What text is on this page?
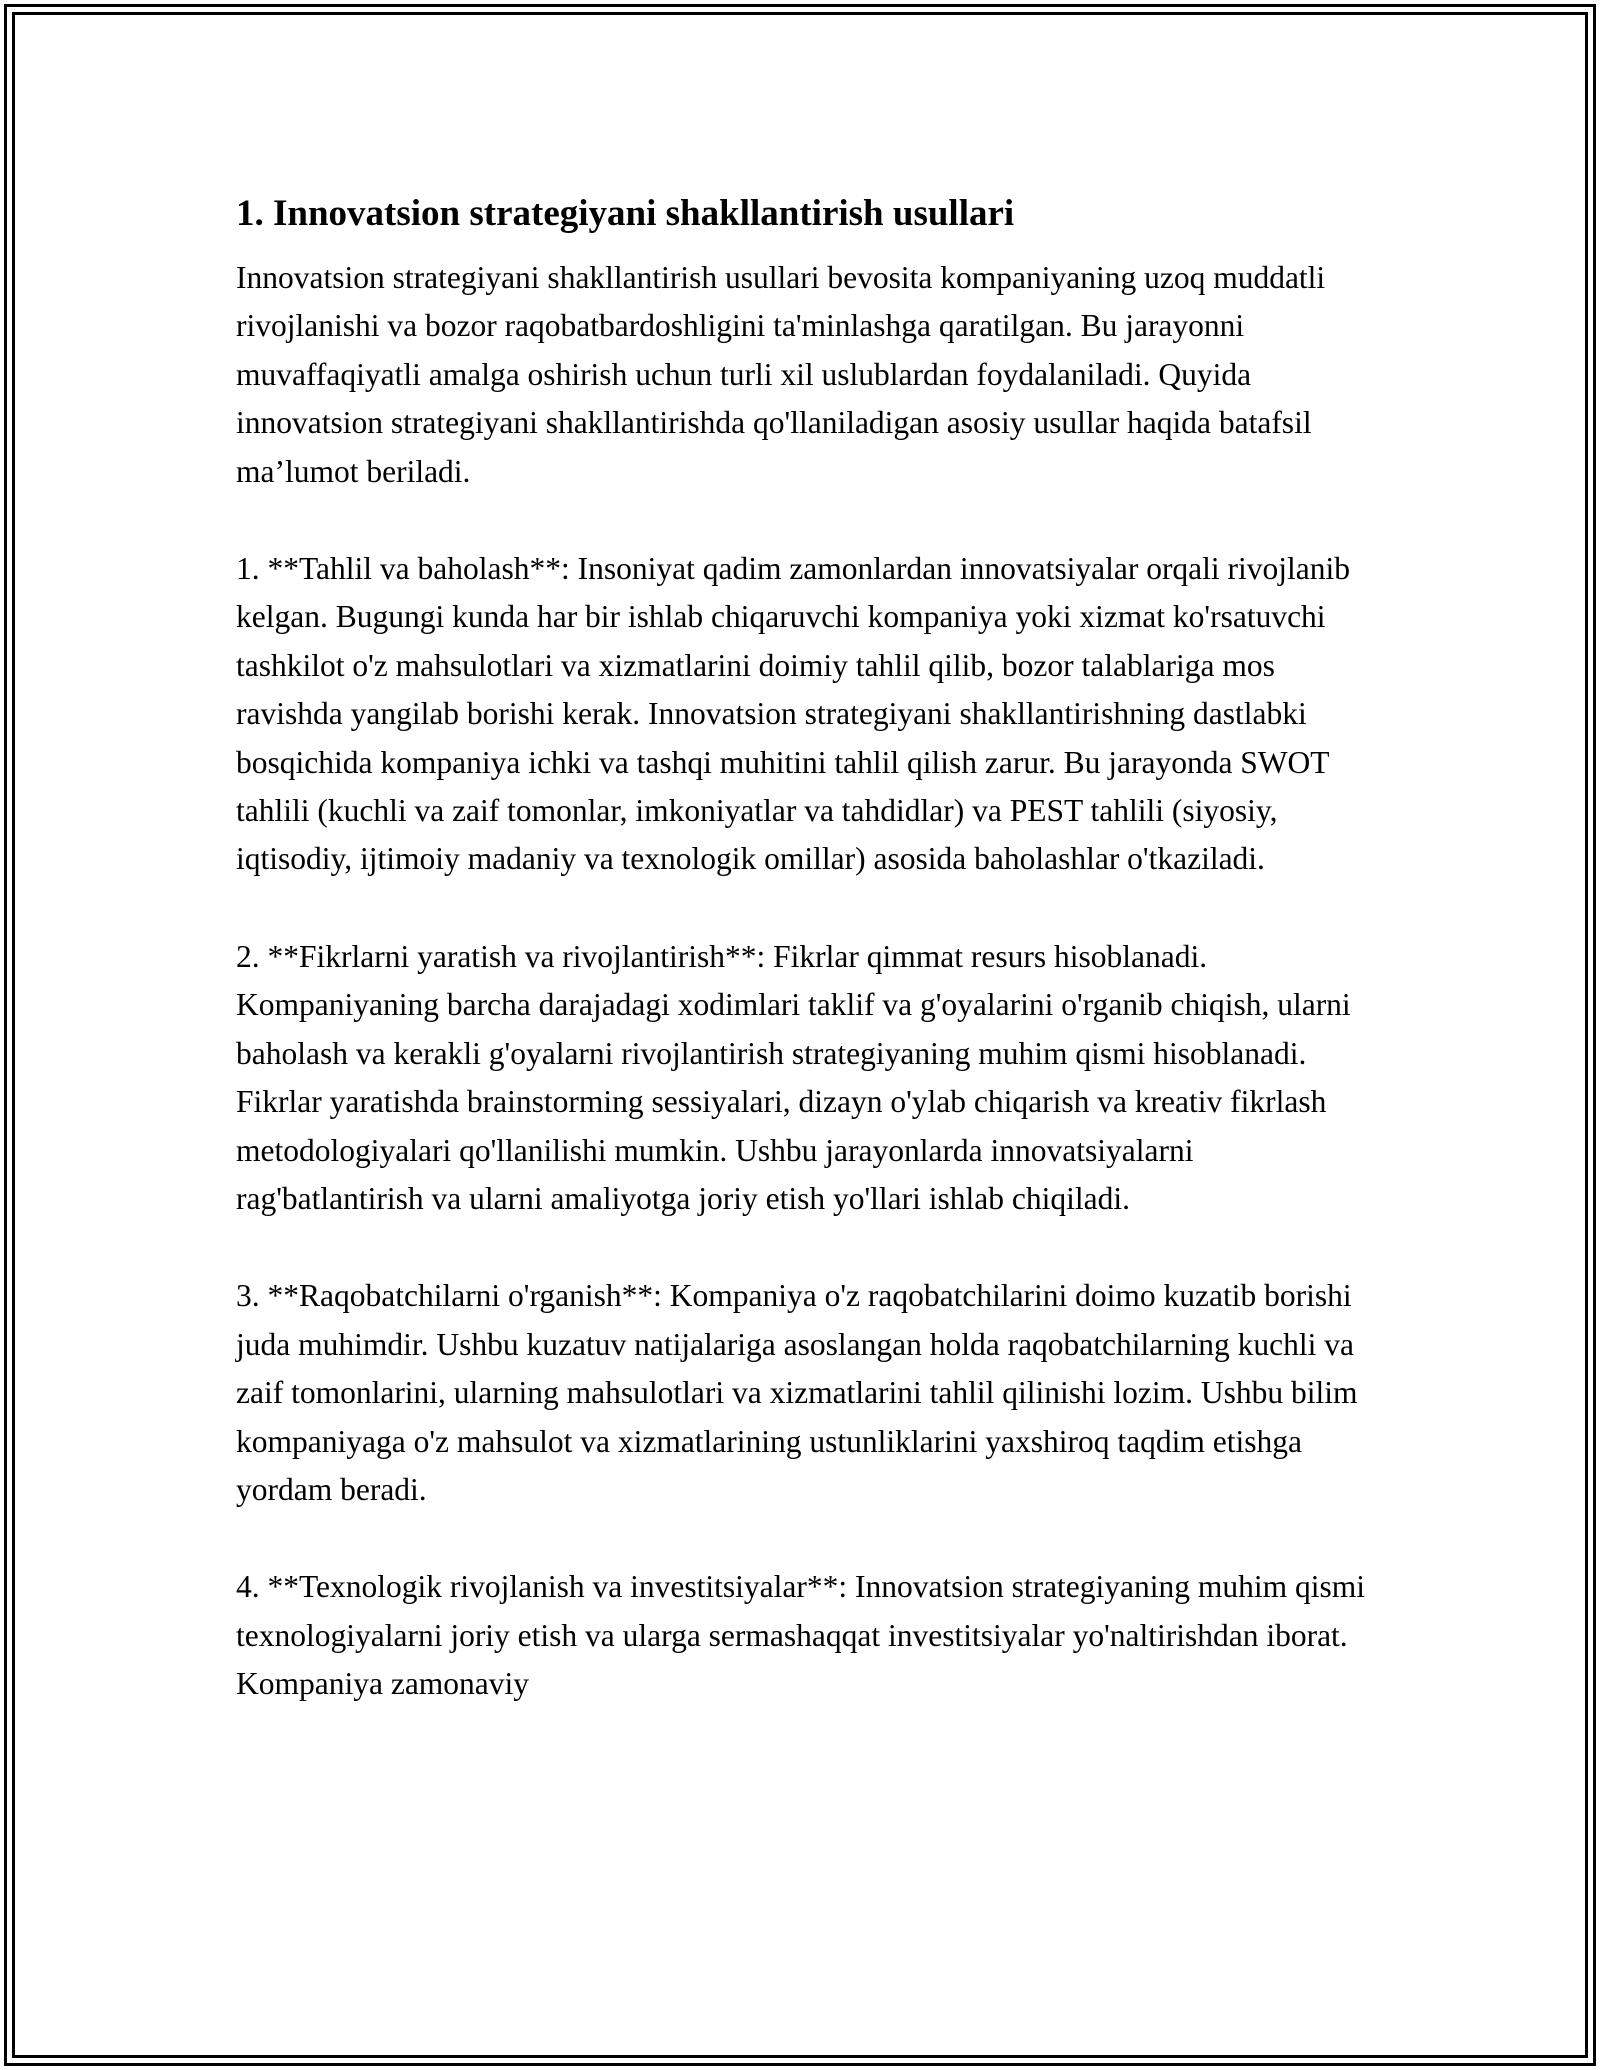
1. Innovatsion strategiyani shakllantirish usullari

Innovatsion strategiyani shakllantirish usullari bevosita kompaniyaning uzoq muddatli rivojlanishi va bozor raqobatbardoshligini ta'minlashga qaratilgan. Bu jarayonni muvaffaqiyatli amalga oshirish uchun turli xil uslublardan foydalaniladi. Quyida innovatsion strategiyani shakllantirishda qo'llaniladigan asosiy usullar haqida batafsil ma’lumot beriladi.

1. **Tahlil va baholash**: Insoniyat qadim zamonlardan innovatsiyalar orqali rivojlanib kelgan. Bugungi kunda har bir ishlab chiqaruvchi kompaniya yoki xizmat ko'rsatuvchi tashkilot o'z mahsulotlari va xizmatlarini doimiy tahlil qilib, bozor talablariga mos ravishda yangilab borishi kerak. Innovatsion strategiyani shakllantirishning dastlabki bosqichida kompaniya ichki va tashqi muhitini tahlil qilish zarur. Bu jarayonda SWOT tahlili (kuchli va zaif tomonlar, imkoniyatlar va tahdidlar) va PEST tahlili (siyosiy, iqtisodiy, ijtimoiy madaniy va texnologik omillar) asosida baholashlar o'tkaziladi.

2. **Fikrlarni yaratish va rivojlantirish**: Fikrlar qimmat resurs hisoblanadi. Kompaniyaning barcha darajadagi xodimlari taklif va g'oyalarini o'rganib chiqish, ularni baholash va kerakli g'oyalarni rivojlantirish strategiyaning muhim qismi hisoblanadi. Fikrlar yaratishda brainstorming sessiyalari, dizayn o'ylab chiqarish va kreativ fikrlash metodologiyalari qo'llanilishi mumkin. Ushbu jarayonlarda innovatsiyalarni rag'batlantirish va ularni amaliyotga joriy etish yo'llari ishlab chiqiladi.

3. **Raqobatchilarni o'rganish**: Kompaniya o'z raqobatchilarini doimo kuzatib borishi juda muhimdir. Ushbu kuzatuv natijalariga asoslangan holda raqobatchilarning kuchli va zaif tomonlarini, ularning mahsulotlari va xizmatlarini tahlil qilinishi lozim. Ushbu bilim kompaniyaga o'z mahsulot va xizmatlarining ustunliklarini yaxshiroq taqdim etishga yordam beradi.

4. **Texnologik rivojlanish va investitsiyalar**: Innovatsion strategiyaning muhim qismi texnologiyalarni joriy etish va ularga sermashaqqat investitsiyalar yo'naltirishdan iborat. Kompaniya zamonaviy
